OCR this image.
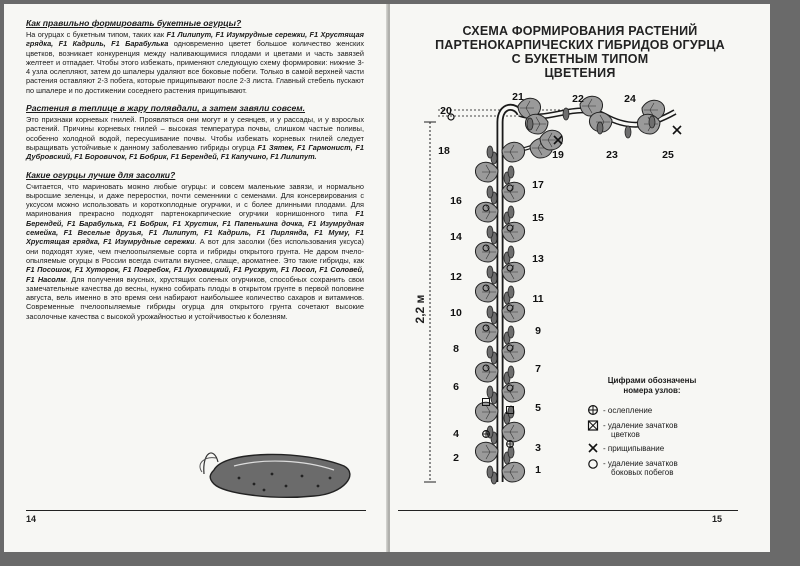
Как правильно формировать букетные огурцы?

На огурцах с букетным типом, таких как F1 Лилипут, F1 Изумрудные сережки, F1 Хрустящая грядка, F1 Кадриль, F1 Барабулька одновременно цветет большое количество женских цветков, возникает конкуренция между наливающимися плодами и цветами и часть завязей желтеет и отпадает. Чтобы этого избежать, применяют следующую схему формировки: нижние 3-4 узла ослепляют, затем до шпалеры удаляют все боковые побеги. Только в самой верхней части растения оставляют 2-3 побега, которые прищипывают после 2-3 листа. Главный стебель пускают по шпалере и по достижении соседнего растения прищипывают.

Растения в теплице в жару полявдали, а затем завяли совсем.

Это признаки корневых гнилей. Проявляться они могут и у сеянцев, и у рассады, и у взрослых растений. Причины корневых гнилей – высокая температура почвы, слишком частые поливы, особенно холодной водой, пересушивание почвы. Чтобы избежать корневых гнилей следует выращивать устойчивые к данному заболеванию гибриды огурца F1 Зятек, F1 Гармонист, F1 Дубровский, F1 Боровичок, F1 Бобрик, F1 Берендей, F1 Капучино, F1 Лилипут.

Какие огурцы лучше для засолки?

Считается, что мариновать можно любые огурцы: и совсем маленькие завязи, и нормально выросшие зеленцы, и даже переростки, почти семенники с семенами. Для консервирования с уксусом можно использовать и короткоплодные огурчики, и с более длинными плодами. Для маринования прекрасно подходят партенокарпические огурчики корнишонного типа F1 Берендей, F1 Барабулька, F1 Бобрик, F1 Хрустик, F1 Папенькина дочка, F1 Изумрудная семейка, F1 Веселые друзья, F1 Лилипут, F1 Кадриль, F1 Пирлянда, F1 Муму, F1 Хрустящая грядка, F1 Изумрудные сережки. А вот для засолки (без использования уксуса) они подходят хуже, чем пчелоопыляемые сорта и гибриды открытого грунта. Не даром пчелоопыляемые огурцы в России всегда считали вкуснее, слаще, ароматнее. Это такие гибриды, как F1 Посошок, F1 Хуторок, F1 Погребок, F1 Луховицкий, F1 Русхрут, F1 Посол, F1 Соловей, F1 Насолм. Для получения вкусных, хрустящих соленых огурчиков, способных сохранить свои замечательные качества до весны, нужно собирать плоды в открытом грунте в первой половине августа, вель именно в это время они набирают наибольшее количество сахаров и витаминов. Современные пчелоопыляемые гибриды огурца для открытого грунта сочетают высокие засолочные качества с высокой урожайностью и устойчивостью к болезням.

14
СХЕМА ФОРМИРОВАНИЯ РАСТЕНИЙ
ПАРТЕНОКАРПИЧЕСКИХ ГИБРИДОВ ОГУРЦА
С БУКЕТНЫМ ТИПОМ
ЦВЕТЕНИЯ
2,2 м
1
2
3
4
5
6
7
8
9
10
11
12
13
14
15
16
17
18	19
20
21	22
23
24
25
Цифрами обозначены
номера узлов:
- ослепление
- удаление зачатков
цветков
- прищипывание
- удаление зачатков
боковых побегов
15
